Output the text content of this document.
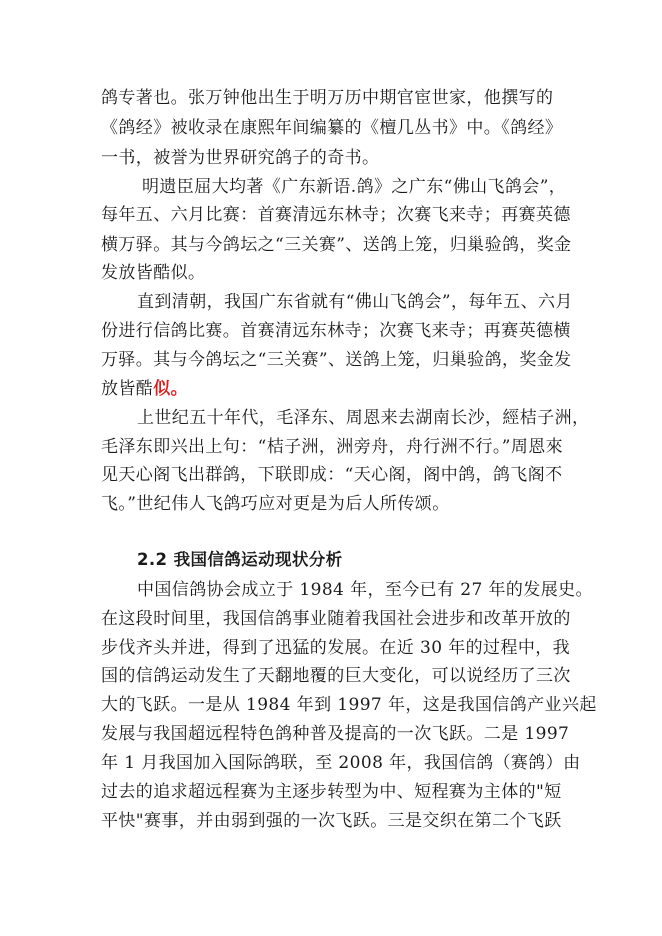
鸽专著也。张万钟他出生于明万历中期官宦世家，他撰写的
《鸽经》被收录在康熙年间编纂的《檀几丛书》中。《鸽经》
一书，被誉为世界研究鸽子的奇书。
明遗臣屈大均著《广东新语.鸽》之广东“佛山飞鸽会”，
每年五、六月比赛：首赛清远东林寺；次赛飞来寺；再赛英德
横万驿。其与今鸽坛之“三关赛”、送鸽上笼，归巢验鸽，奖金
发放皆酷似。
直到清朝，我国广东省就有“佛山飞鸽会”，每年五、六月
份进行信鸽比赛。首赛清远东林寺；次赛飞来寺；再赛英德横
万驿。其与今鸽坛之“三关赛”、送鸽上笼，归巢验鸽，奖金发
放皆酷似。
上世纪五十年代，毛泽东、周恩来去湖南长沙，經桔子洲，
毛泽东即兴出上句：“桔子洲，洲旁舟，舟行洲不行。”周恩來
见天心阁飞出群鸽，下联即成：“天心阁，阁中鸽，鸽飞阁不
飞。”世纪伟人飞鸽巧应对更是为后人所传颂。
2.2 我国信鸽运动现状分析
中国信鸽协会成立于 1984 年，至今已有 27 年的发展史。
在这段时间里，我国信鸽事业随着我国社会进步和改革开放的
步伐齐头并进，得到了迅猛的发展。在近 30 年的过程中，我
国的信鸽运动发生了天翻地覆的巨大变化，可以说经历了三次
大的飞跃。一是从 1984 年到 1997 年，这是我国信鸽产业兴起
发展与我国超远程特色鸽种普及提高的一次飞跃。二是 1997
年 1 月我国加入国际鸽联，至 2008 年，我国信鸽（赛鸽）由
过去的追求超远程赛为主逐步转型为中、短程赛为主体的"短
平快"赛事，并由弱到强的一次飞跃。三是交织在第二个飞跃
